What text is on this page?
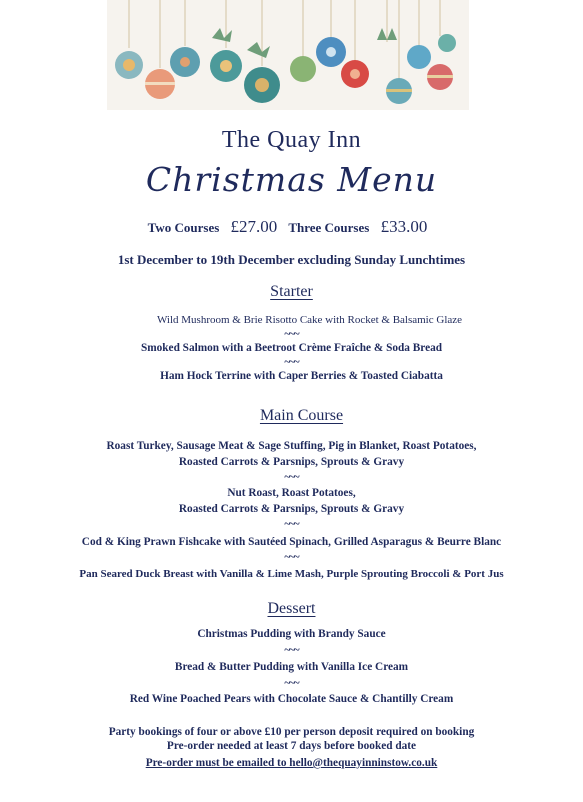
The Quay Inn
Christmas Menu
Two Courses £27.00 Three Courses £33.00
1st December to 19th December excluding Sunday Lunchtimes
Starter
Wild Mushroom & Brie Risotto Cake with Rocket & Balsamic Glaze
~~~
Smoked Salmon with a Beetroot Crème Fraîche & Soda Bread
~~~
Ham Hock Terrine with Caper Berries & Toasted Ciabatta
Main Course
Roast Turkey, Sausage Meat & Sage Stuffing, Pig in Blanket, Roast Potatoes,
Roasted Carrots & Parsnips, Sprouts & Gravy
~~~
Nut Roast, Roast Potatoes,
Roasted Carrots & Parsnips, Sprouts & Gravy
~~~
Cod & King Prawn Fishcake with Sautéed Spinach, Grilled Asparagus & Beurre Blanc
~~~
Pan Seared Duck Breast with Vanilla & Lime Mash, Purple Sprouting Broccoli & Port Jus
Dessert
Christmas Pudding with Brandy Sauce
~~~
Bread & Butter Pudding with Vanilla Ice Cream
~~~
Red Wine Poached Pears with Chocolate Sauce & Chantilly Cream
Party bookings of four or above £10 per person deposit required on booking
Pre-order needed at least 7 days before booked date
Pre-order must be emailed to hello@thequayinninstow.co.uk
